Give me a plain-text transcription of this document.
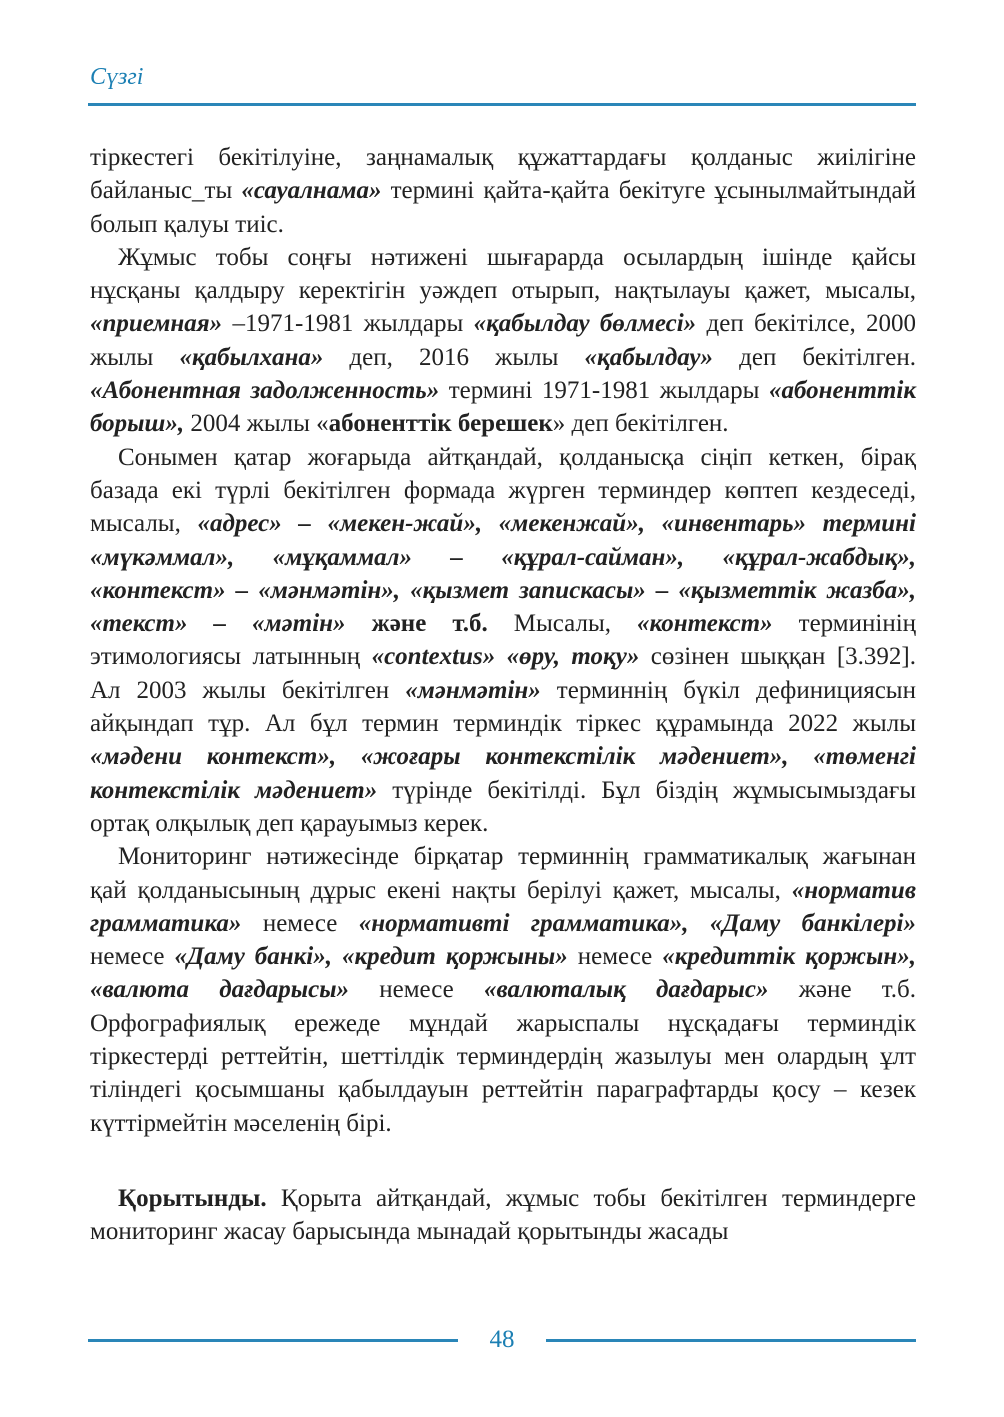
Сүзгі

тіркестегі бекітілуіне, заңнамалық құжаттардағы қолданыс жиілігіне байланыс_ты «сауалнама» термині қайта-қайта бекітуге ұсынылмайтындай болып қалуы тиіс.

Жұмыс тобы соңғы нәтижені шығарарда осылардың ішінде қайсы нұсқаны қалдыру керектігін уәждеп отырып, нақтылауы қажет, мысалы, «приемная» –1971-1981 жылдары «қабылдау бөлмесі» деп бекітілсе, 2000 жылы «қабылхана» деп, 2016 жылы «қабылдау» деп бекітілген. «Абонентная задолженность» термині 1971-1981 жылдары «абоненттік борыш», 2004 жылы «абоненттік берешек» деп бекітілген.

Сонымен қатар жоғарыда айтқандай, қолданысқа сіңіп кеткен, бірақ базада екі түрлі бекітілген формада жүрген терминдер көптеп кездеседі, мысалы, «адрес» – «мекен-жай», «мекенжай», «инвентарь» термині «мүкәммал», «мұқаммал» – «құрал-сайман», «құрал-жабдық», «контекст» – «мәнмәтін», «қызмет запискасы» – «қызметтік жазба», «текст» – «мәтін» және т.б. Мысалы, «контекст» терминінің этимологиясы латынның «contextus» «өру, тоқу» сөзінен шыққан [3.392]. Ал 2003 жылы бекітілген «мәнмәтін» терминнің бүкіл дефинициясын айқындап тұр. Ал бұл термин терминдік тіркес құрамында 2022 жылы «мәдени контекст», «жоғары контекстілік мәдениет», «төменгі контекстілік мәдениет» түрінде бекітілді. Бұл біздің жұмысымыздағы ортақ олқылық деп қарауымыз керек.

Мониторинг нәтижесінде бірқатар терминнің грамматикалық жағынан қай қолданысының дұрыс екені нақты берілуі қажет, мысалы, «норматив грамматика» немесе «нормативті грамматика», «Даму банкілері» немесе «Даму банкі», «кредит қоржыны» немесе «кредиттік қоржын», «валюта дағдарысы» немесе «валюталық дағдарыс» және т.б. Орфографиялық ережеде мұндай жарыспалы нұсқадағы терминдік тіркестерді реттейтін, шеттілдік терминдердің жазылуы мен олардың ұлт тіліндегі қосымшаны қабылдауын реттейтін параграфтарды қосу – кезек күттірмейтін мәселенің бірі.

Қорытынды. Қорыта айтқандай, жұмыс тобы бекітілген терминдерге мониторинг жасау барысында мынадай қорытынды жасады

48
